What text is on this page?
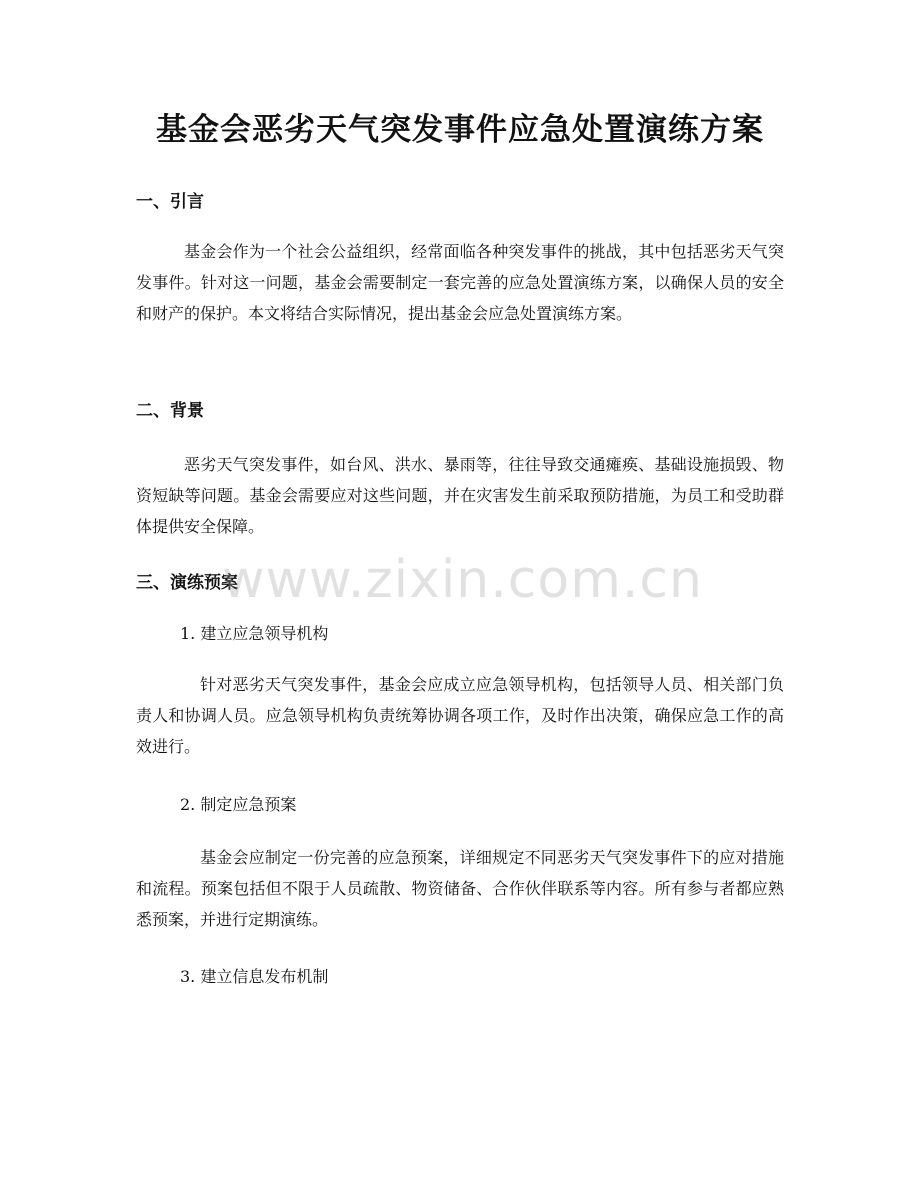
基金会恶劣天气突发事件应急处置演练方案
一、引言

基金会作为一个社会公益组织，经常面临各种突发事件的挑战，其中包括恶劣天气突发事件。针对这一问题，基金会需要制定一套完善的应急处置演练方案，以确保人员的安全和财产的保护。本文将结合实际情况，提出基金会应急处置演练方案。

二、背景

恶劣天气突发事件，如台风、洪水、暴雨等，往往导致交通瘫痪、基础设施损毁、物资短缺等问题。基金会需要应对这些问题，并在灾害发生前采取预防措施，为员工和受助群体提供安全保障。

三、演练预案

1. 建立应急领导机构

针对恶劣天气突发事件，基金会应成立应急领导机构，包括领导人员、相关部门负责人和协调人员。应急领导机构负责统筹协调各项工作，及时作出决策，确保应急工作的高效进行。

2. 制定应急预案

基金会应制定一份完善的应急预案，详细规定不同恶劣天气突发事件下的应对措施和流程。预案包括但不限于人员疏散、物资储备、合作伙伴联系等内容。所有参与者都应熟悉预案，并进行定期演练。

3. 建立信息发布机制

www.zixin.com.cn
